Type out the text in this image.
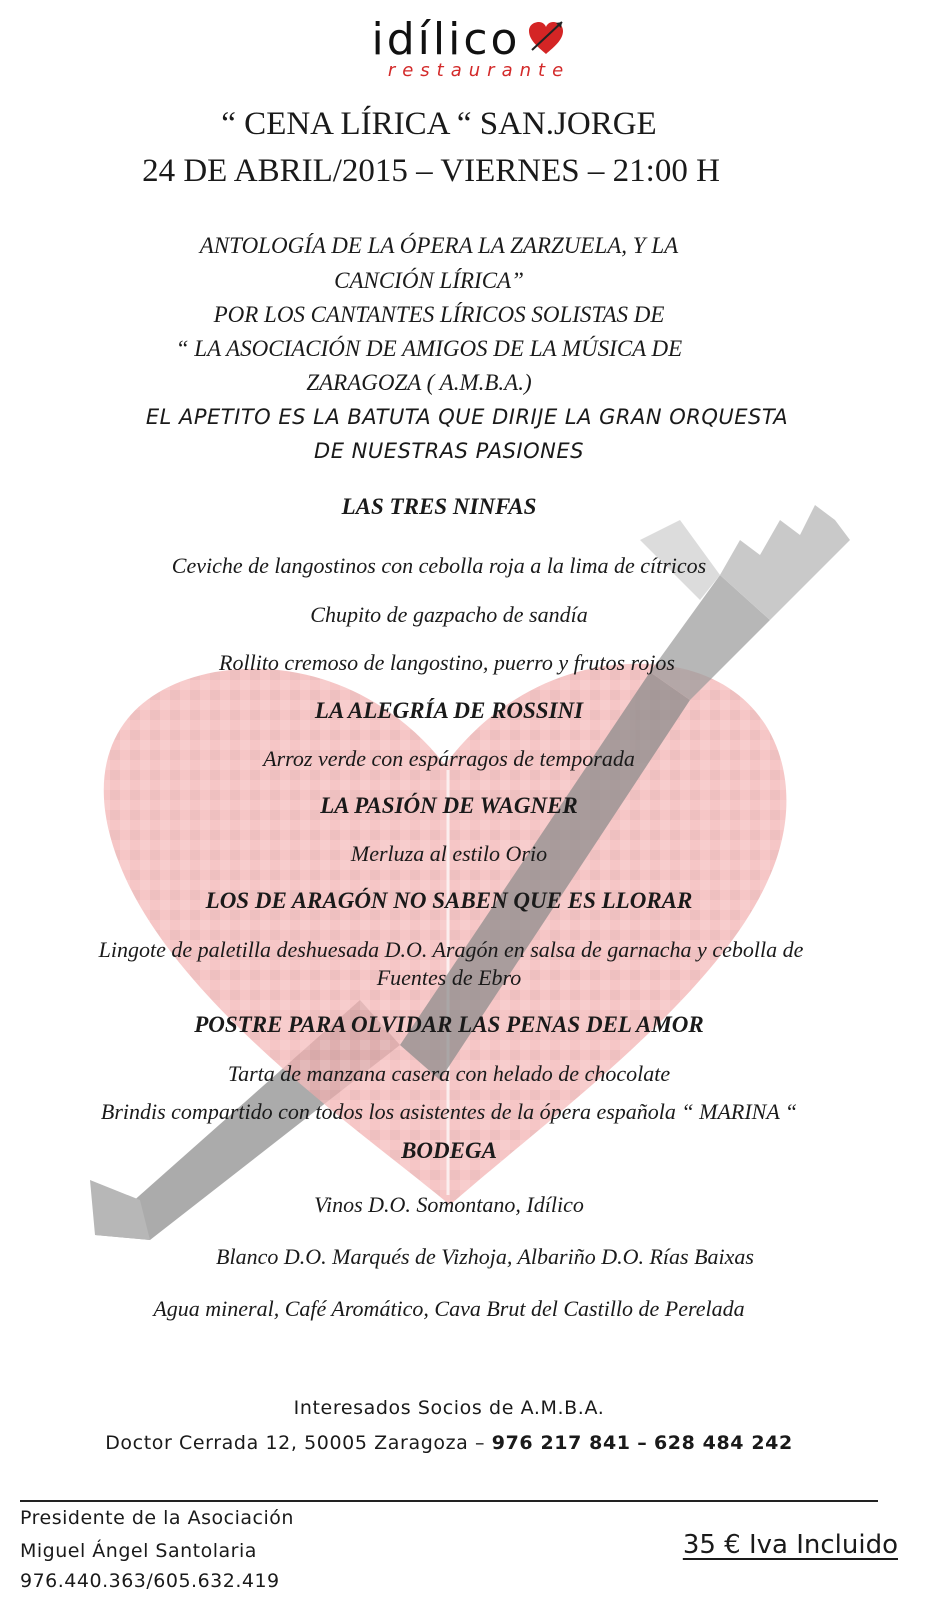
idílico
restaurante
“ CENA LÍRICA “ SAN.JORGE
24 DE ABRIL/2015 – VIERNES – 21:00 H
ANTOLOGÍA DE LA ÓPERA LA ZARZUELA, Y LA
CANCIÓN LÍRICA”
POR LOS CANTANTES LÍRICOS SOLISTAS DE
“ LA ASOCIACIÓN DE AMIGOS DE LA MÚSICA DE
ZARAGOZA ( A.M.B.A.)
EL APETITO ES LA BATUTA QUE DIRIJE LA GRAN ORQUESTA
DE NUESTRAS PASIONES
LAS TRES NINFAS
Ceviche de langostinos con cebolla roja a la lima de cítricos
Chupito de gazpacho de sandía
Rollito cremoso de langostino, puerro y frutos rojos
LA ALEGRÍA DE ROSSINI
Arroz verde con espárragos de temporada
LA PASIÓN DE WAGNER
Merluza al estilo Orio
LOS DE ARAGÓN NO SABEN QUE ES LLORAR
Lingote de paletilla deshuesada D.O. Aragón en salsa de garnacha y cebolla de
Fuentes de Ebro
POSTRE PARA OLVIDAR LAS PENAS DEL AMOR
Tarta de manzana casera con helado de chocolate
Brindis compartido con todos los asistentes de la ópera española “ MARINA “
BODEGA
Vinos D.O. Somontano, Idílico
Blanco D.O. Marqués de Vizhoja, Albariño D.O. Rías Baixas
Agua mineral, Café Aromático, Cava Brut del Castillo de Perelada
Interesados Socios de A.M.B.A.
Doctor Cerrada 12, 50005 Zaragoza – 976 217 841 – 628 484 242
Presidente de la Asociación
Miguel Ángel Santolaria
976.440.363/605.632.419
35 € Iva Incluido
